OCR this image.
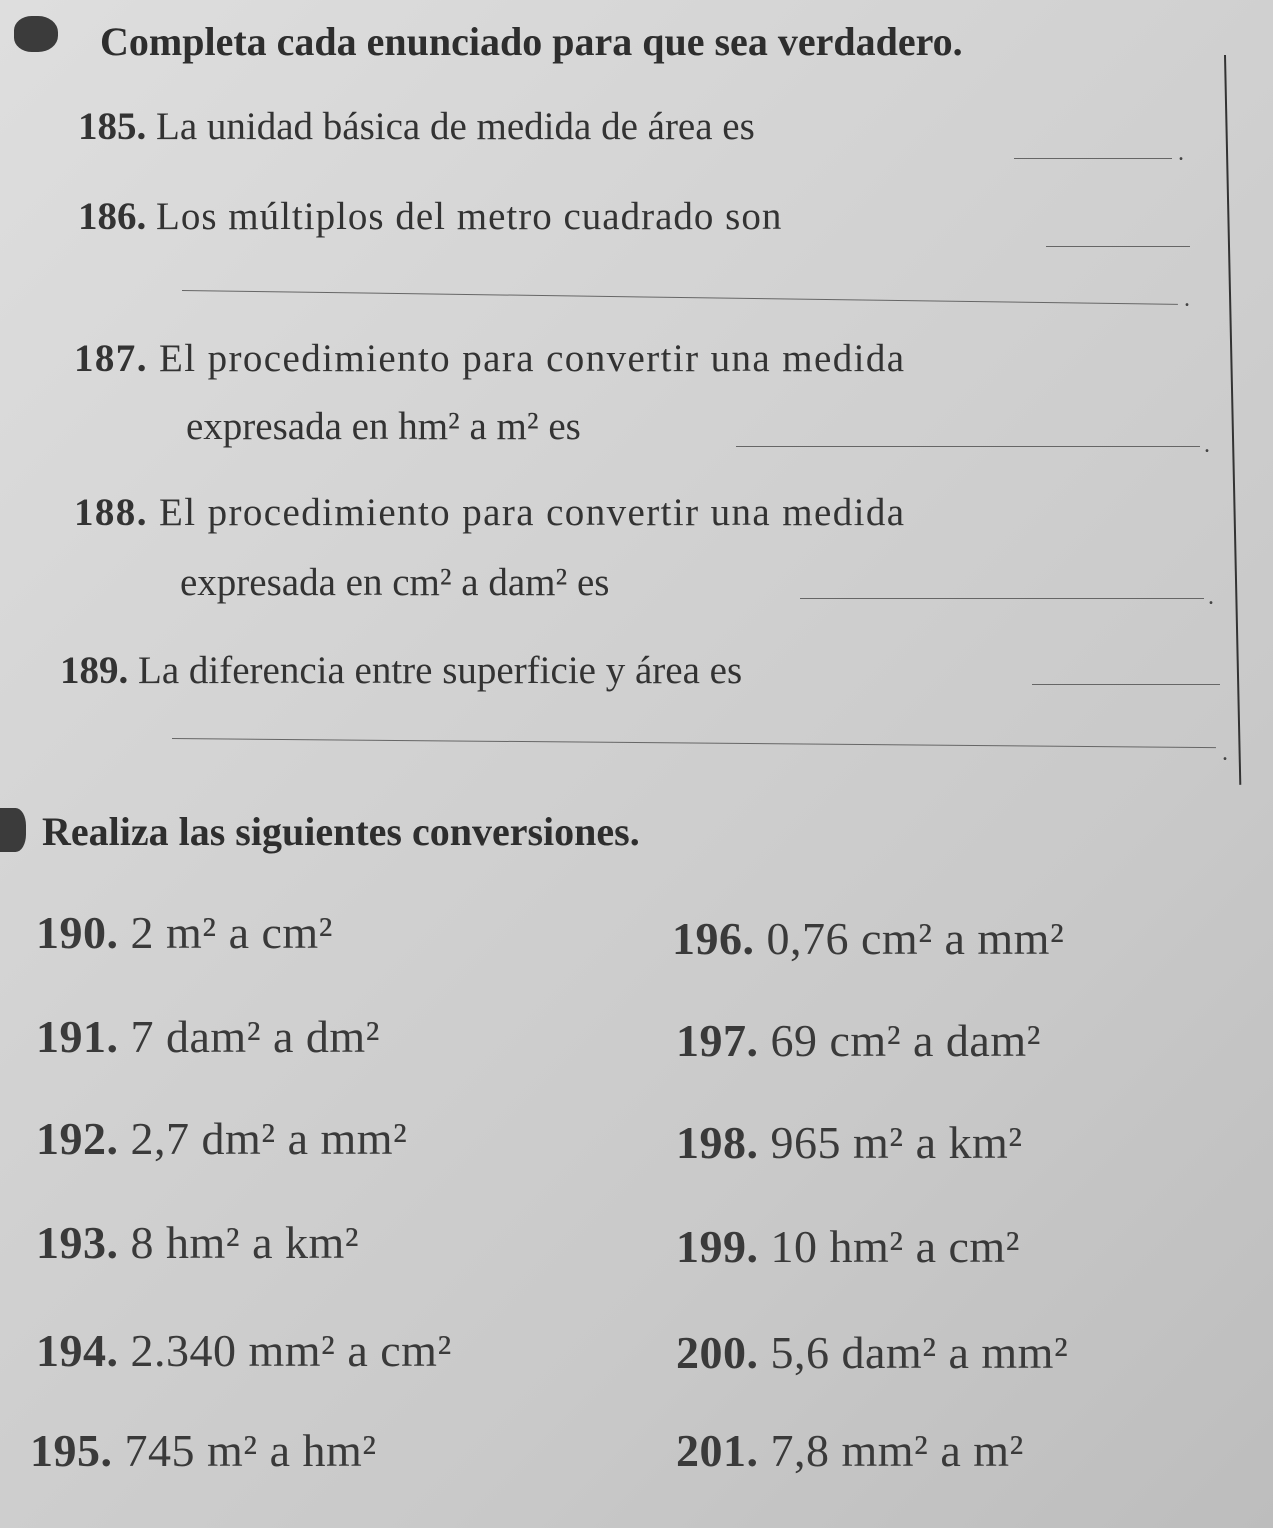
Completa cada enunciado para que sea verdadero.
185. La unidad básica de medida de área es
.
186. Los múltiplos del metro cuadrado son
.
187. El procedimiento para convertir una medida
expresada en hm² a m² es	.
188. El procedimiento para convertir una medida
expresada en cm² a dam² es	.
189. La diferencia entre superficie y área es
.
Realiza las siguientes conversiones.
190. 2 m² a cm²
191. 7 dam² a dm²
192. 2,7 dm² a mm²
193. 8 hm² a km²
194. 2.340 mm² a cm²
195. 745 m² a hm²
196. 0,76 cm² a mm²
197. 69 cm² a dam²
198. 965 m² a km²
199. 10 hm² a cm²
200. 5,6 dam² a mm²
201. 7,8 mm² a m²
